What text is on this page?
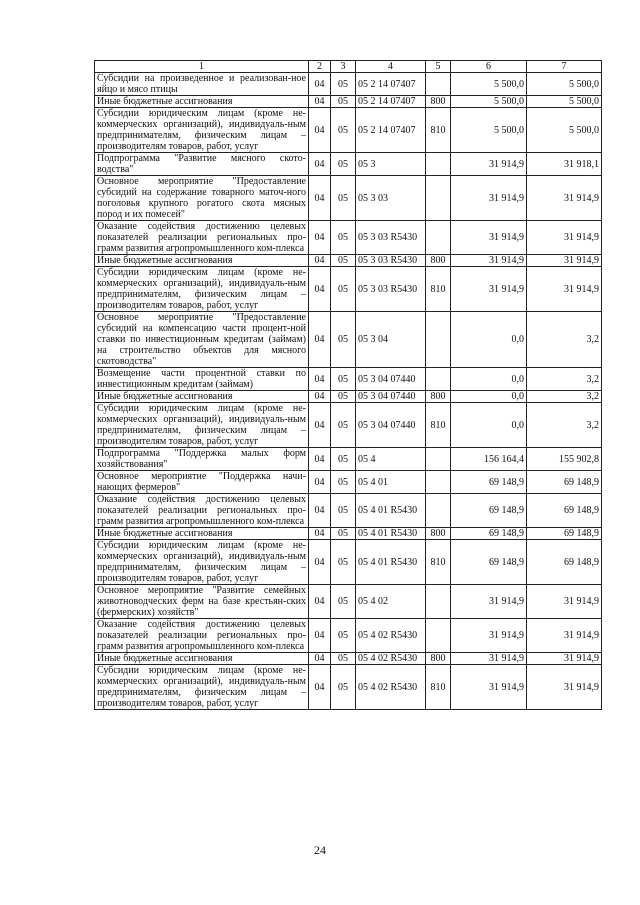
1	2	3	4	5	6	7
Субсидии на произведенное и реализован-ное яйцо и мясо птицы	04	05	05 2 14 07407		5 500,0	5 500,0
Иные бюджетные ассигнования	04	05	05 2 14 07407	800	5 500,0	5 500,0
Субсидии юридическим лицам (кроме не-коммерческих организаций), индивидуаль-ным предпринимателям, физическим лицам – производителям товаров, работ, услуг	04	05	05 2 14 07407	810	5 500,0	5 500,0
Подпрограмма "Развитие мясного ското-водства"	04	05	05 3		31 914,9	31 918,1
Основное мероприятие "Предоставление субсидий на содержание товарного маточ-ного поголовья крупного рогатого скота мясных пород и их помесей"	04	05	05 3 03		31 914,9	31 914,9
Оказание содействия достижению целевых показателей реализации региональных про-грамм развития агропромышленного ком-плекса	04	05	05 3 03 R5430		31 914,9	31 914,9
Иные бюджетные ассигнования	04	05	05 3 03 R5430	800	31 914,9	31 914,9
Субсидии юридическим лицам (кроме не-коммерческих организаций), индивидуаль-ным предпринимателям, физическим лицам – производителям товаров, работ, услуг	04	05	05 3 03 R5430	810	31 914,9	31 914,9
Основное мероприятие "Предоставление субсидий на компенсацию части процент-ной ставки по инвестиционным кредитам (займам) на строительство объектов для мясного скотоводства"	04	05	05 3 04		0,0	3,2
Возмещение части процентной ставки по инвестиционным кредитам (займам)	04	05	05 3 04 07440		0,0	3,2
Иные бюджетные ассигнования	04	05	05 3 04 07440	800	0,0	3,2
Субсидии юридическим лицам (кроме не-коммерческих организаций), индивидуаль-ным предпринимателям, физическим лицам – производителям товаров, работ, услуг	04	05	05 3 04 07440	810	0,0	3,2
Подпрограмма "Поддержка малых форм хозяйствования"	04	05	05 4		156 164,4	155 902,8
Основное мероприятие "Поддержка начи-нающих фермеров"	04	05	05 4 01		69 148,9	69 148,9
Оказание содействия достижению целевых показателей реализации региональных про-грамм развития агропромышленного ком-плекса	04	05	05 4 01 R5430		69 148,9	69 148,9
Иные бюджетные ассигнования	04	05	05 4 01 R5430	800	69 148,9	69 148,9
Субсидии юридическим лицам (кроме не-коммерческих организаций), индивидуаль-ным предпринимателям, физическим лицам – производителям товаров, работ, услуг	04	05	05 4 01 R5430	810	69 148,9	69 148,9
Основное мероприятие "Развитие семейных животноводческих ферм на базе крестьян-ских (фермерских) хозяйств"	04	05	05 4 02		31 914,9	31 914,9
Оказание содействия достижению целевых показателей реализации региональных про-грамм развития агропромышленного ком-плекса	04	05	05 4 02 R5430		31 914,9	31 914,9
Иные бюджетные ассигнования	04	05	05 4 02 R5430	800	31 914,9	31 914,9
Субсидии юридическим лицам (кроме не-коммерческих организаций), индивидуаль-ным предпринимателям, физическим лицам – производителям товаров, работ, услуг	04	05	05 4 02 R5430	810	31 914,9	31 914,9
24
